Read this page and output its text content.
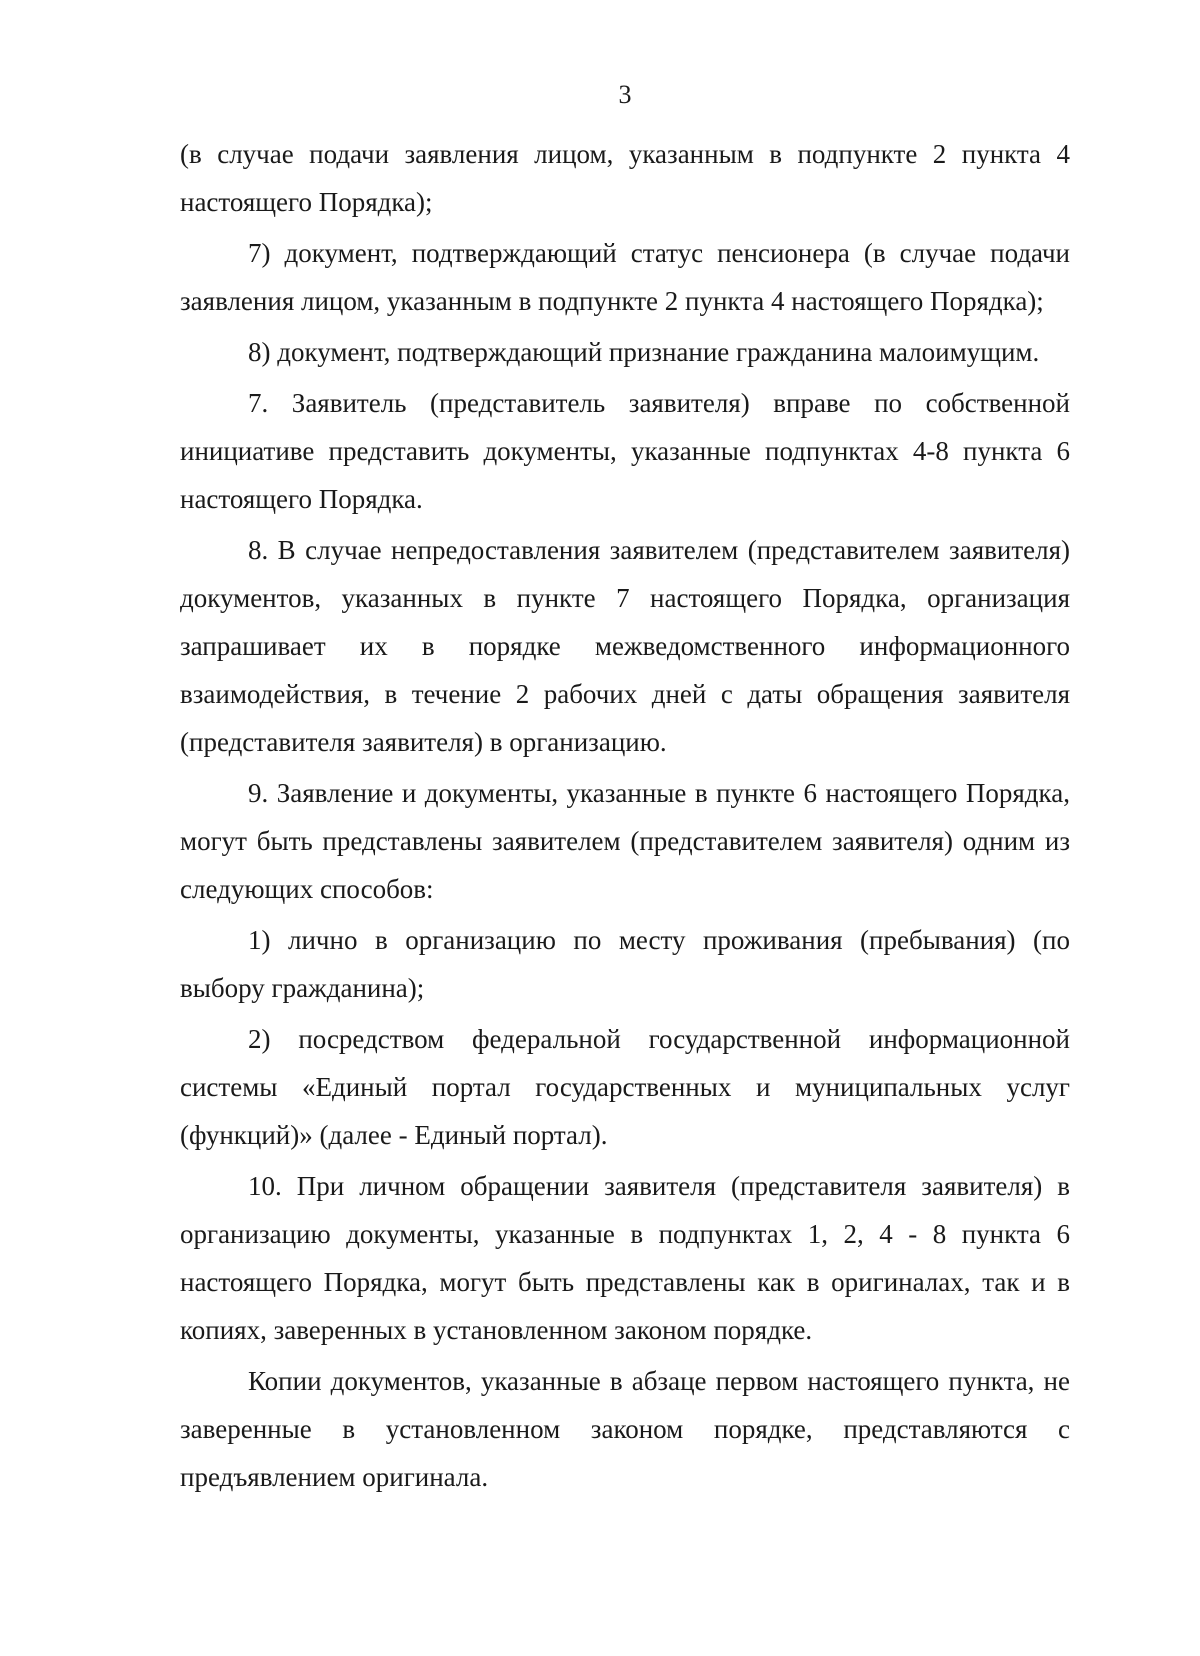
3

(в случае подачи заявления лицом, указанным в подпункте 2 пункта 4 настоящего Порядка);

7) документ, подтверждающий статус пенсионера (в случае подачи заявления лицом, указанным в подпункте 2 пункта 4 настоящего Порядка);

8) документ, подтверждающий признание гражданина малоимущим.

7. Заявитель (представитель заявителя) вправе по собственной инициативе представить документы, указанные подпунктах 4-8 пункта 6 настоящего Порядка.

8. В случае непредоставления заявителем (представителем заявителя) документов, указанных в пункте 7 настоящего Порядка, организация запрашивает их в порядке межведомственного информационного взаимодействия, в течение 2 рабочих дней с даты обращения заявителя (представителя заявителя) в организацию.

9. Заявление и документы, указанные в пункте 6 настоящего Порядка, могут быть представлены заявителем (представителем заявителя) одним из следующих способов:

1) лично в организацию по месту проживания (пребывания) (по выбору гражданина);

2) посредством федеральной государственной информационной системы «Единый портал государственных и муниципальных услуг (функций)» (далее - Единый портал).

10. При личном обращении заявителя (представителя заявителя) в организацию документы, указанные в подпунктах 1, 2, 4 - 8 пункта 6 настоящего Порядка, могут быть представлены как в оригиналах, так и в копиях, заверенных в установленном законом порядке.

Копии документов, указанные в абзаце первом настоящего пункта, не заверенные в установленном законом порядке, представляются с предъявлением оригинала.
